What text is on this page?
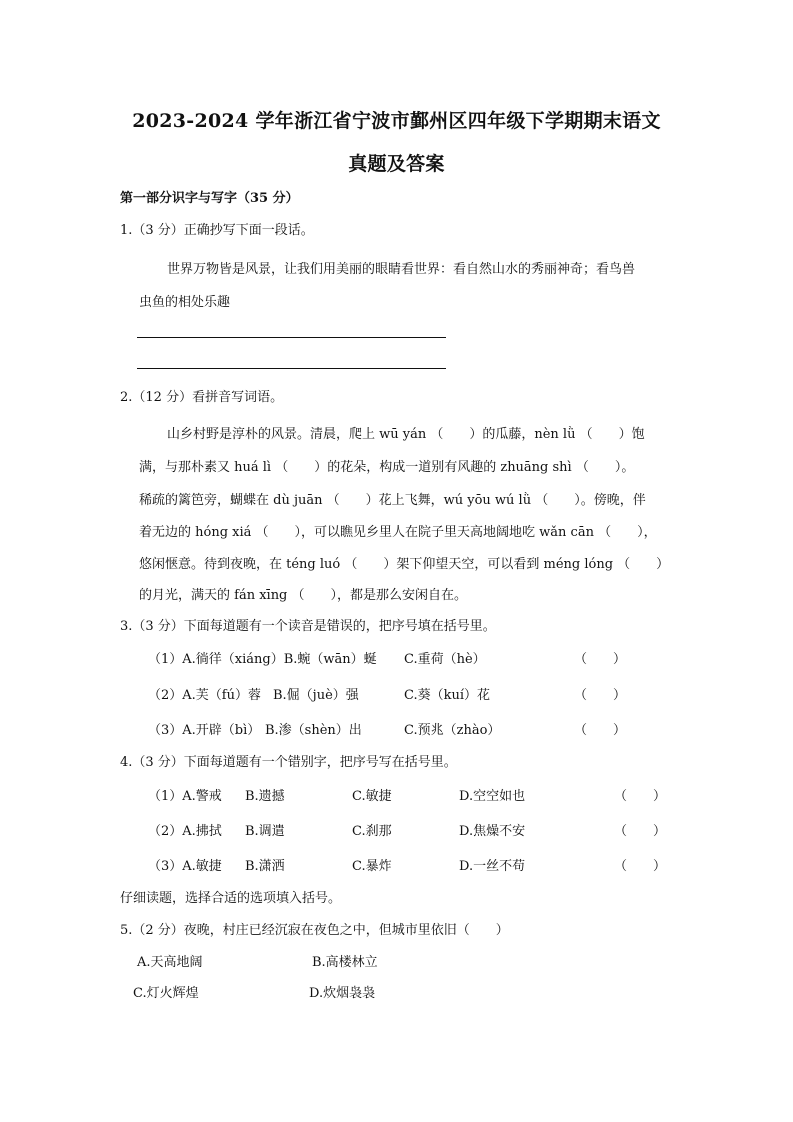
2023-2024 学年浙江省宁波市鄞州区四年级下学期期末语文
真题及答案
第一部分识字与写字（35 分）
1.（3 分）正确抄写下面一段话。
世界万物皆是风景，让我们用美丽的眼睛看世界：看自然山水的秀丽神奇；看鸟兽
虫鱼的相处乐趣
2.（12 分）看拼音写词语。
山乡村野是淳朴的风景。清晨，爬上 wū yán （　　）的瓜藤，nèn lǜ （　　）饱
满，与那朴素又 huá lì （　　）的花朵，构成一道别有风趣的 zhuāng shì （　　）。
稀疏的篱笆旁，蝴蝶在 dù juān （　　）花上飞舞，wú yōu wú lǜ （　　）。傍晚，伴
着无边的 hóng xiá （　　），可以瞧见乡里人在院子里天高地阔地吃 wǎn cān （　　），
悠闲惬意。待到夜晚，在 téng luó （　　）架下仰望天空，可以看到 méng lóng （　　）
的月光，满天的 fán xīng （　　），都是那么安闲自在。
3.（3 分）下面每道题有一个读音是错误的，把序号填在括号里。
（1）A.徜徉（xiáng）B.蜿（wān）蜒 C.重荷（hè）	（　　）
（2）A.芙（fú）蓉 B.倔（juè）强	C.葵（kuí）花	（　　）
（3）A.开辟（bì） B.渗（shèn）出	C.预兆（zhào）	（　　）
4.（3 分）下面每道题有一个错别字，把序号写在括号里。
（1）A.警戒 B.遗撼	C.敏捷	D.空空如也	（　　）
（2）A.拂拭 B.调遣	C.刹那	D.焦燥不安	（　　）
（3）A.敏捷 B.潇洒	C.暴炸	D.一丝不苟	（　　）
仔细读题，选择合适的选项填入括号。
5.（2 分）夜晚，村庄已经沉寂在夜色之中，但城市里依旧（　　）
A.天高地阔	B.高楼林立
C.灯火辉煌	D.炊烟袅袅
